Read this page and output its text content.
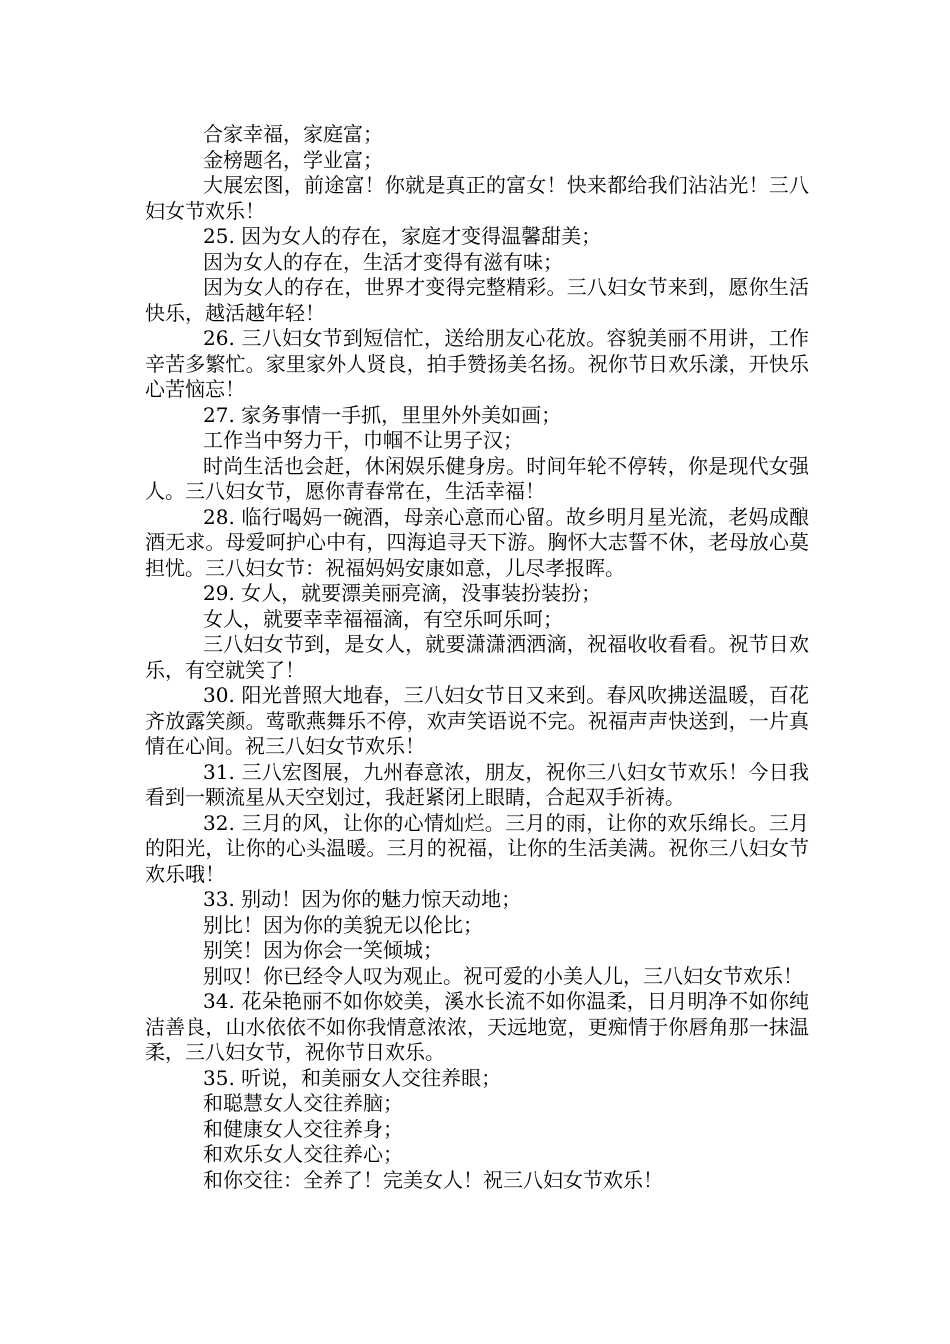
合家幸福，家庭富；

金榜题名，学业富；

大展宏图，前途富！你就是真正的富女！快来都给我们沾沾光！三八妇女节欢乐！

25. 因为女人的存在，家庭才变得温馨甜美；

因为女人的存在，生活才变得有滋有味；

因为女人的存在，世界才变得完整精彩。三八妇女节来到，愿你生活快乐，越活越年轻！

26. 三八妇女节到短信忙，送给朋友心花放。容貌美丽不用讲，工作辛苦多繁忙。家里家外人贤良，拍手赞扬美名扬。祝你节日欢乐漾，开快乐心苦恼忘！

27. 家务事情一手抓，里里外外美如画；

工作当中努力干，巾帼不让男子汉；

时尚生活也会赶，休闲娱乐健身房。时间年轮不停转，你是现代女强人。三八妇女节，愿你青春常在，生活幸福！

28. 临行喝妈一碗酒，母亲心意而心留。故乡明月星光流，老妈成酿酒无求。母爱呵护心中有，四海追寻天下游。胸怀大志誓不休，老母放心莫担忧。三八妇女节：祝福妈妈安康如意，儿尽孝报晖。

29. 女人，就要漂美丽亮滴，没事装扮装扮；

女人，就要幸幸福福滴，有空乐呵乐呵；

三八妇女节到，是女人，就要潇潇洒洒滴，祝福收收看看。祝节日欢乐，有空就笑了！

30. 阳光普照大地春，三八妇女节日又来到。春风吹拂送温暖，百花齐放露笑颜。莺歌燕舞乐不停，欢声笑语说不完。祝福声声快送到，一片真情在心间。祝三八妇女节欢乐！

31. 三八宏图展，九州春意浓，朋友，祝你三八妇女节欢乐！今日我看到一颗流星从天空划过，我赶紧闭上眼睛，合起双手祈祷。

32. 三月的风，让你的心情灿烂。三月的雨，让你的欢乐绵长。三月的阳光，让你的心头温暖。三月的祝福，让你的生活美满。祝你三八妇女节欢乐哦！

33. 别动！因为你的魅力惊天动地；

别比！因为你的美貌无以伦比；

别笑！因为你会一笑倾城；

别叹！你已经令人叹为观止。祝可爱的小美人儿，三八妇女节欢乐！

34. 花朵艳丽不如你姣美，溪水长流不如你温柔，日月明净不如你纯洁善良，山水依依不如你我情意浓浓，天远地宽，更痴情于你唇角那一抹温柔，三八妇女节，祝你节日欢乐。

35. 听说，和美丽女人交往养眼；

和聪慧女人交往养脑；

和健康女人交往养身；

和欢乐女人交往养心；

和你交往：全养了！完美女人！祝三八妇女节欢乐！
